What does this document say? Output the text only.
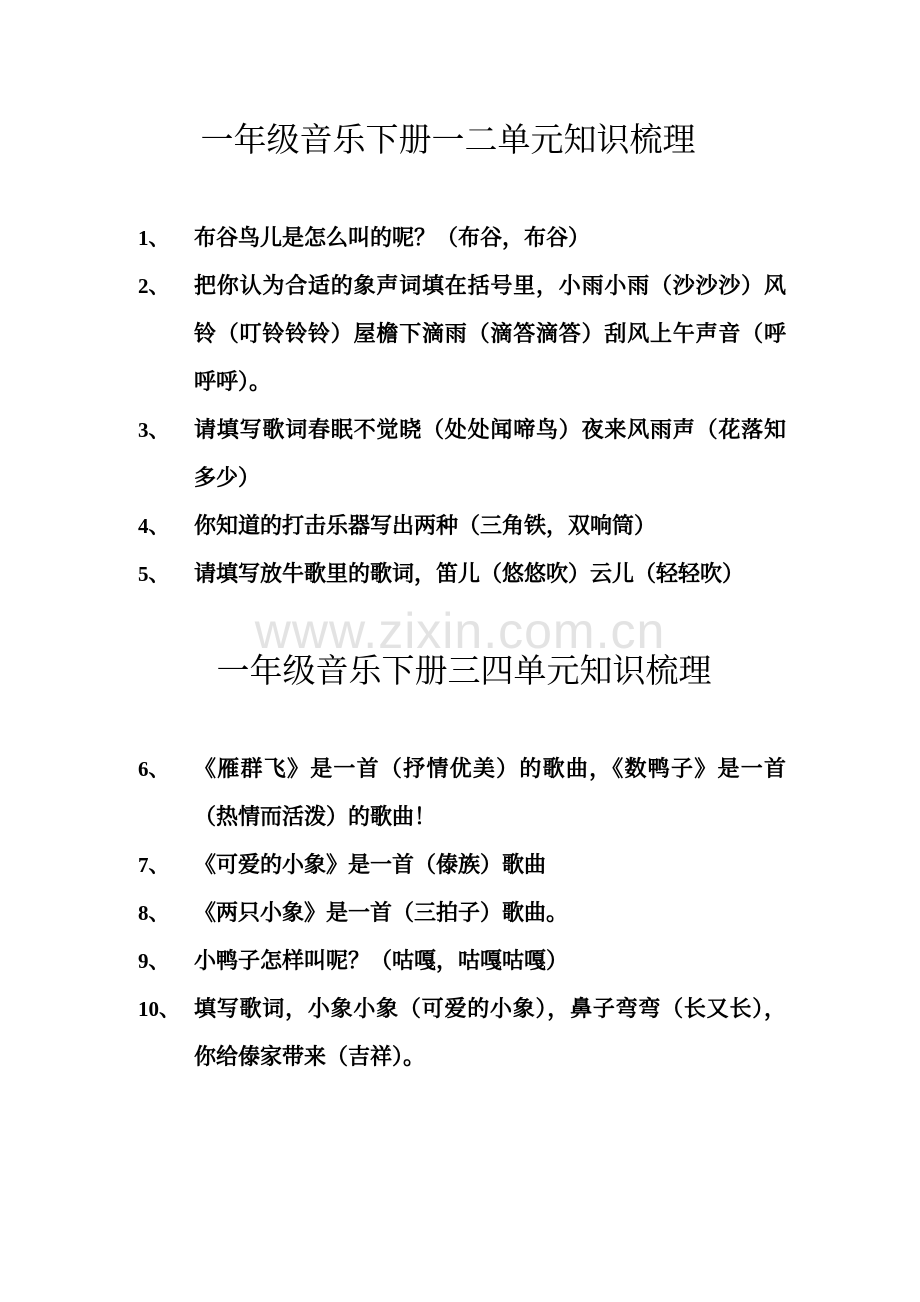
www.zixin.com.cn
一年级音乐下册一二单元知识梳理
1、 布谷鸟儿是怎么叫的呢？（布谷，布谷）
2、 把你认为合适的象声词填在括号里，小雨小雨（沙沙沙）风铃（叮铃铃铃）屋檐下滴雨（滴答滴答）刮风上午声音（呼呼呼）。
3、 请填写歌词春眠不觉晓（处处闻啼鸟）夜来风雨声（花落知多少）
4、 你知道的打击乐器写出两种（三角铁，双响筒）
5、 请填写放牛歌里的歌词，笛儿（悠悠吹）云儿（轻轻吹）
一年级音乐下册三四单元知识梳理
6、 《雁群飞》是一首（抒情优美）的歌曲，《数鸭子》是一首（热情而活泼）的歌曲！
7、 《可爱的小象》是一首（傣族）歌曲
8、 《两只小象》是一首（三拍子）歌曲。
9、 小鸭子怎样叫呢？（咕嘎，咕嘎咕嘎）
10、 填写歌词，小象小象（可爱的小象），鼻子弯弯（长又长），你给傣家带来（吉祥）。
